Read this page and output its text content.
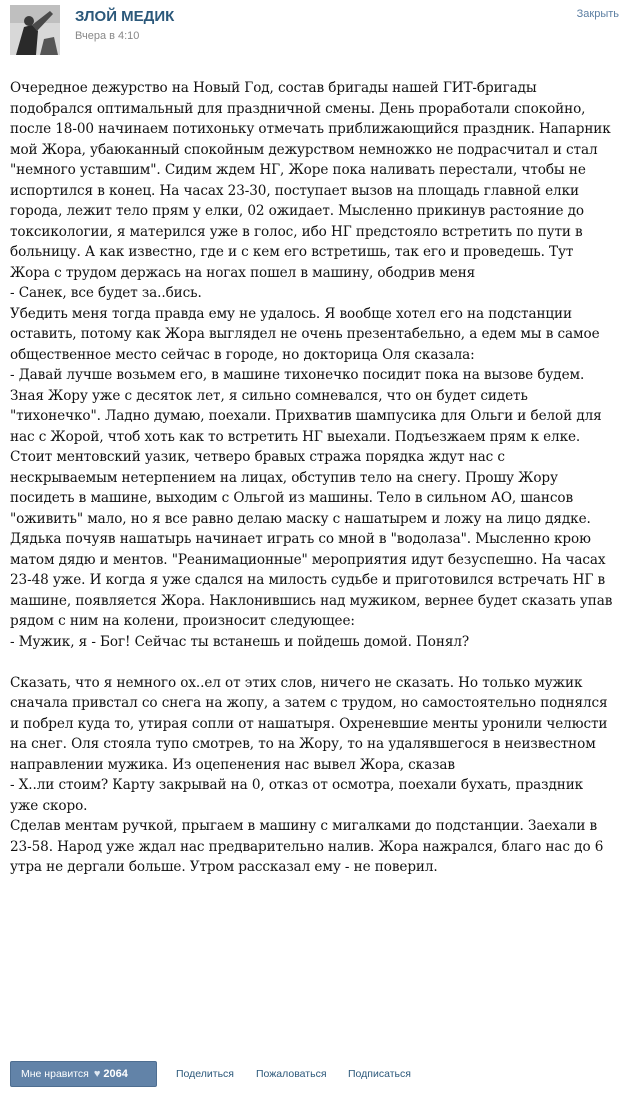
ЗЛОЙ МЕДИК
Вчера в 4:10
Закрыть

Очередное дежурство на Новый Год, состав бригады нашей ГИТ-бригады подобрался оптимальный для праздничной смены. День проработали спокойно, после 18-00 начинаем потихоньку отмечать приближающийся праздник. Напарник мой Жора, убаюканный спокойным дежурством немножко не подрасчитал и стал "немного уставшим". Сидим ждем НГ, Жоре пока наливать перестали, чтобы не испортился в конец. На часах 23-30, поступает вызов на площадь главной елки города, лежит тело прям у елки, 02 ожидает. Мысленно прикинув растояние до токсикологии, я матерился уже в голос, ибо НГ предстояло встретить по пути в больницу. А как известно, где и с кем его встретишь, так его и проведешь. Тут Жора с трудом держась на ногах пошел в машину, ободрив меня

- Санек, все будет за..бись.

Убедить меня тогда правда ему не удалось. Я вообще хотел его на подстанции оставить, потому как Жора выглядел не очень презентабельно, а едем мы в самое общественное место сейчас в городе, но докторица Оля сказала:

- Давай лучше возьмем его, в машине тихонечко посидит пока на вызове будем. Зная Жору уже с десяток лет, я сильно сомневался, что он будет сидеть "тихонечко". Ладно думаю, поехали. Прихватив шампусика для Ольги и белой для нас с Жорой, чтоб хоть как то встретить НГ выехали. Подъезжаем прям к елке. Стоит ментовский уазик, четверо бравых стража порядка ждут нас с нескрываемым нетерпением на лицах, обступив тело на снегу. Прошу Жору посидеть в машине, выходим с Ольгой из машины. Тело в сильном АО, шансов "оживить" мало, но я все равно делаю маску с нашатырем и ложу на лицо дядке. Дядька почуяв нашатырь начинает играть со мной в "водолаза". Мысленно крою матом дядю и ментов. "Реанимационные" мероприятия идут безуспешно. На часах 23-48 уже. И когда я уже сдался на милость судьбе и приготовился встречать НГ в машине, появляется Жора. Наклонившись над мужиком, вернее будет сказать упав рядом с ним на колени, произносит следующее:

- Мужик, я - Бог! Сейчас ты встанешь и пойдешь домой. Понял?

Сказать, что я немного ох..ел от этих слов, ничего не сказать. Но только мужик сначала привстал со снега на жопу, а затем с трудом, но самостоятельно поднялся и побрел куда то, утирая сопли от нашатыря. Охреневшие менты уронили челюсти на снег. Оля стояла тупо смотрев, то на Жору, то на удалявшегося в неизвестном направлении мужика. Из оцепенения нас вывел Жора, сказав

- Х..ли стоим? Карту закрывай на 0, отказ от осмотра, поехали бухать, праздник уже скоро.

Сделав ментам ручкой, прыгаем в машину с мигалками до подстанции. Заехали в 23-58. Народ уже ждал нас предварительно налив. Жора нажрался, благо нас до 6 утра не дергали больше. Утром рассказал ему - не поверил.

Мне нравится ♥ 2064	Поделиться Пожаловаться Подписаться
